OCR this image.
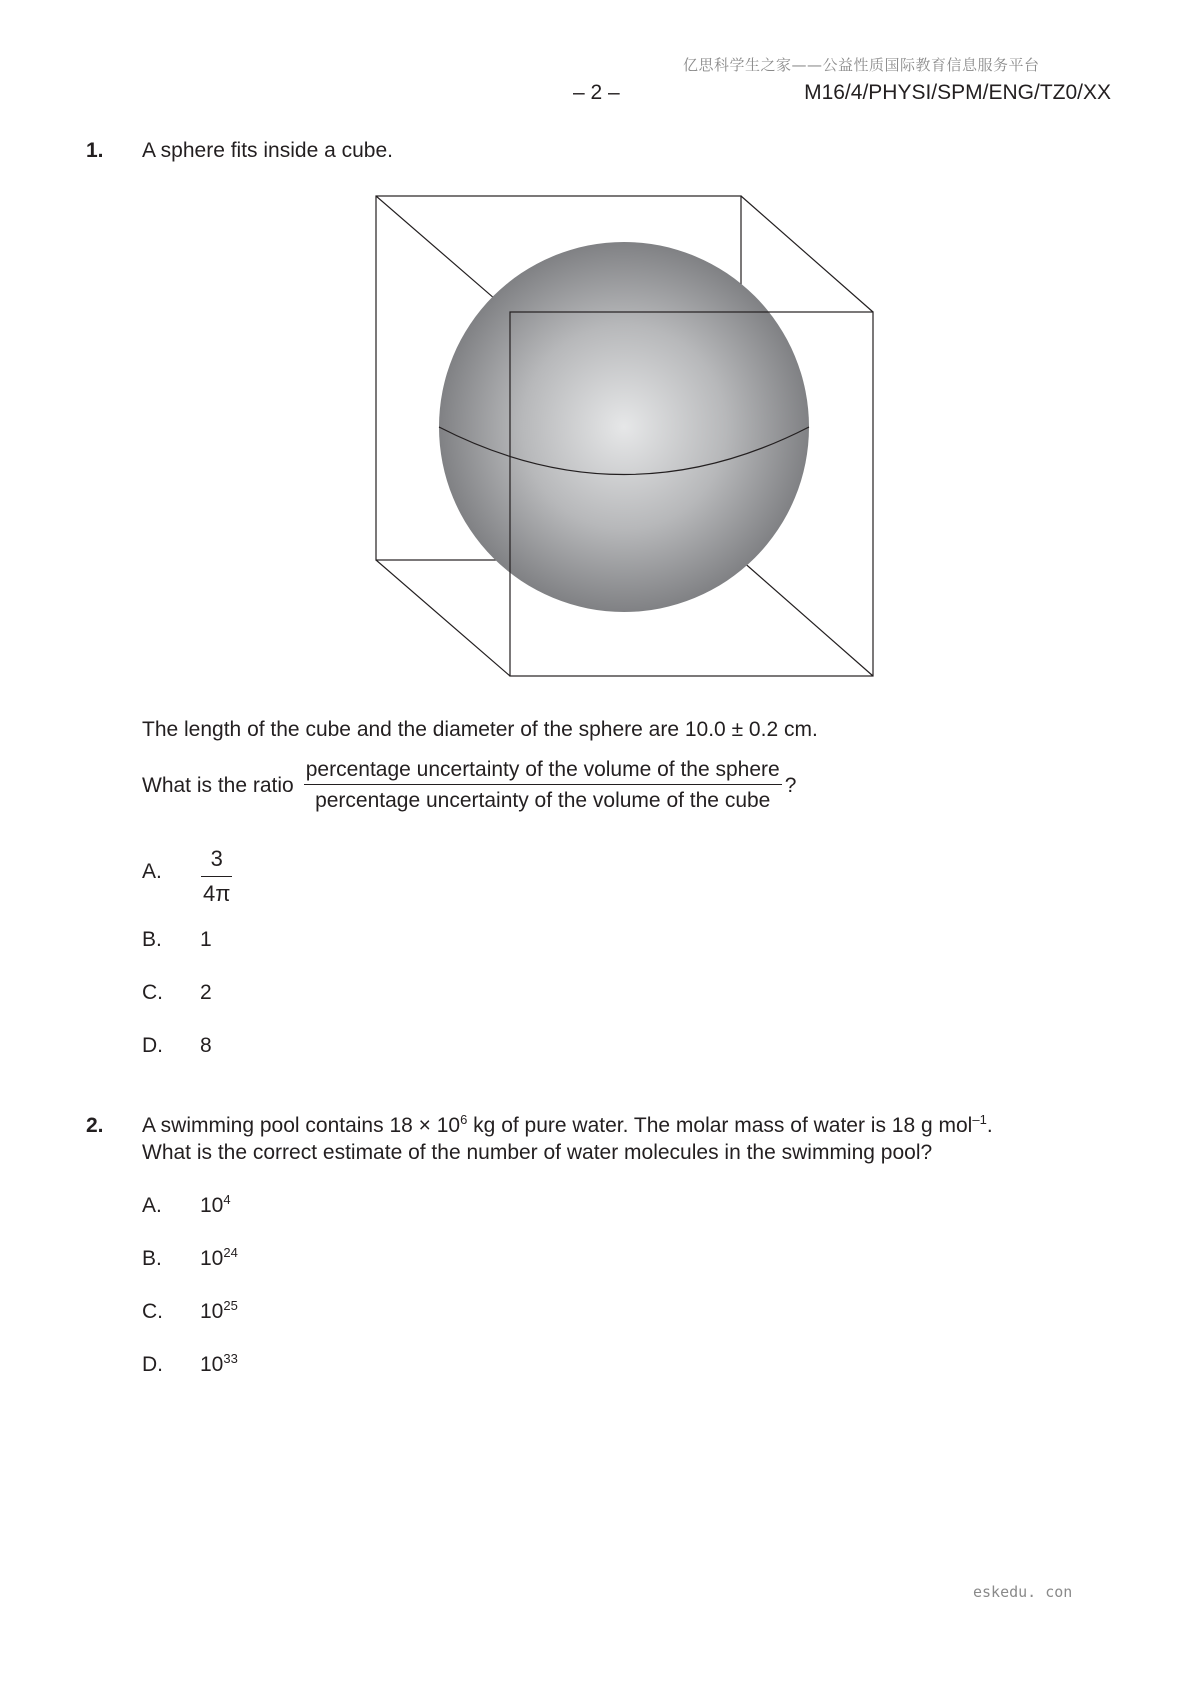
亿思科学生之家——公益性质国际教育信息服务平台
– 2 –	M16/4/PHYSI/SPM/ENG/TZ0/XX
1. A sphere fits inside a cube.
The length of the cube and the diameter of the sphere are 10.0 ± 0.2 cm.
What is the ratio $\frac{\text{percentage uncertainty of the volume of the sphere}}{\text{percentage uncertainty of the volume of the cube}}$ ?
A. $\frac{3}{4\pi}$
B. 1
C. 2
D. 8
2. A swimming pool contains $18 \times 10^6$ kg of pure water. The molar mass of water is 18 g mol$^{-1}$.
What is the correct estimate of the number of water molecules in the swimming pool?
A. $10^4$
B. $10^{24}$
C. $10^{25}$
D. $10^{33}$
eskedu. con
